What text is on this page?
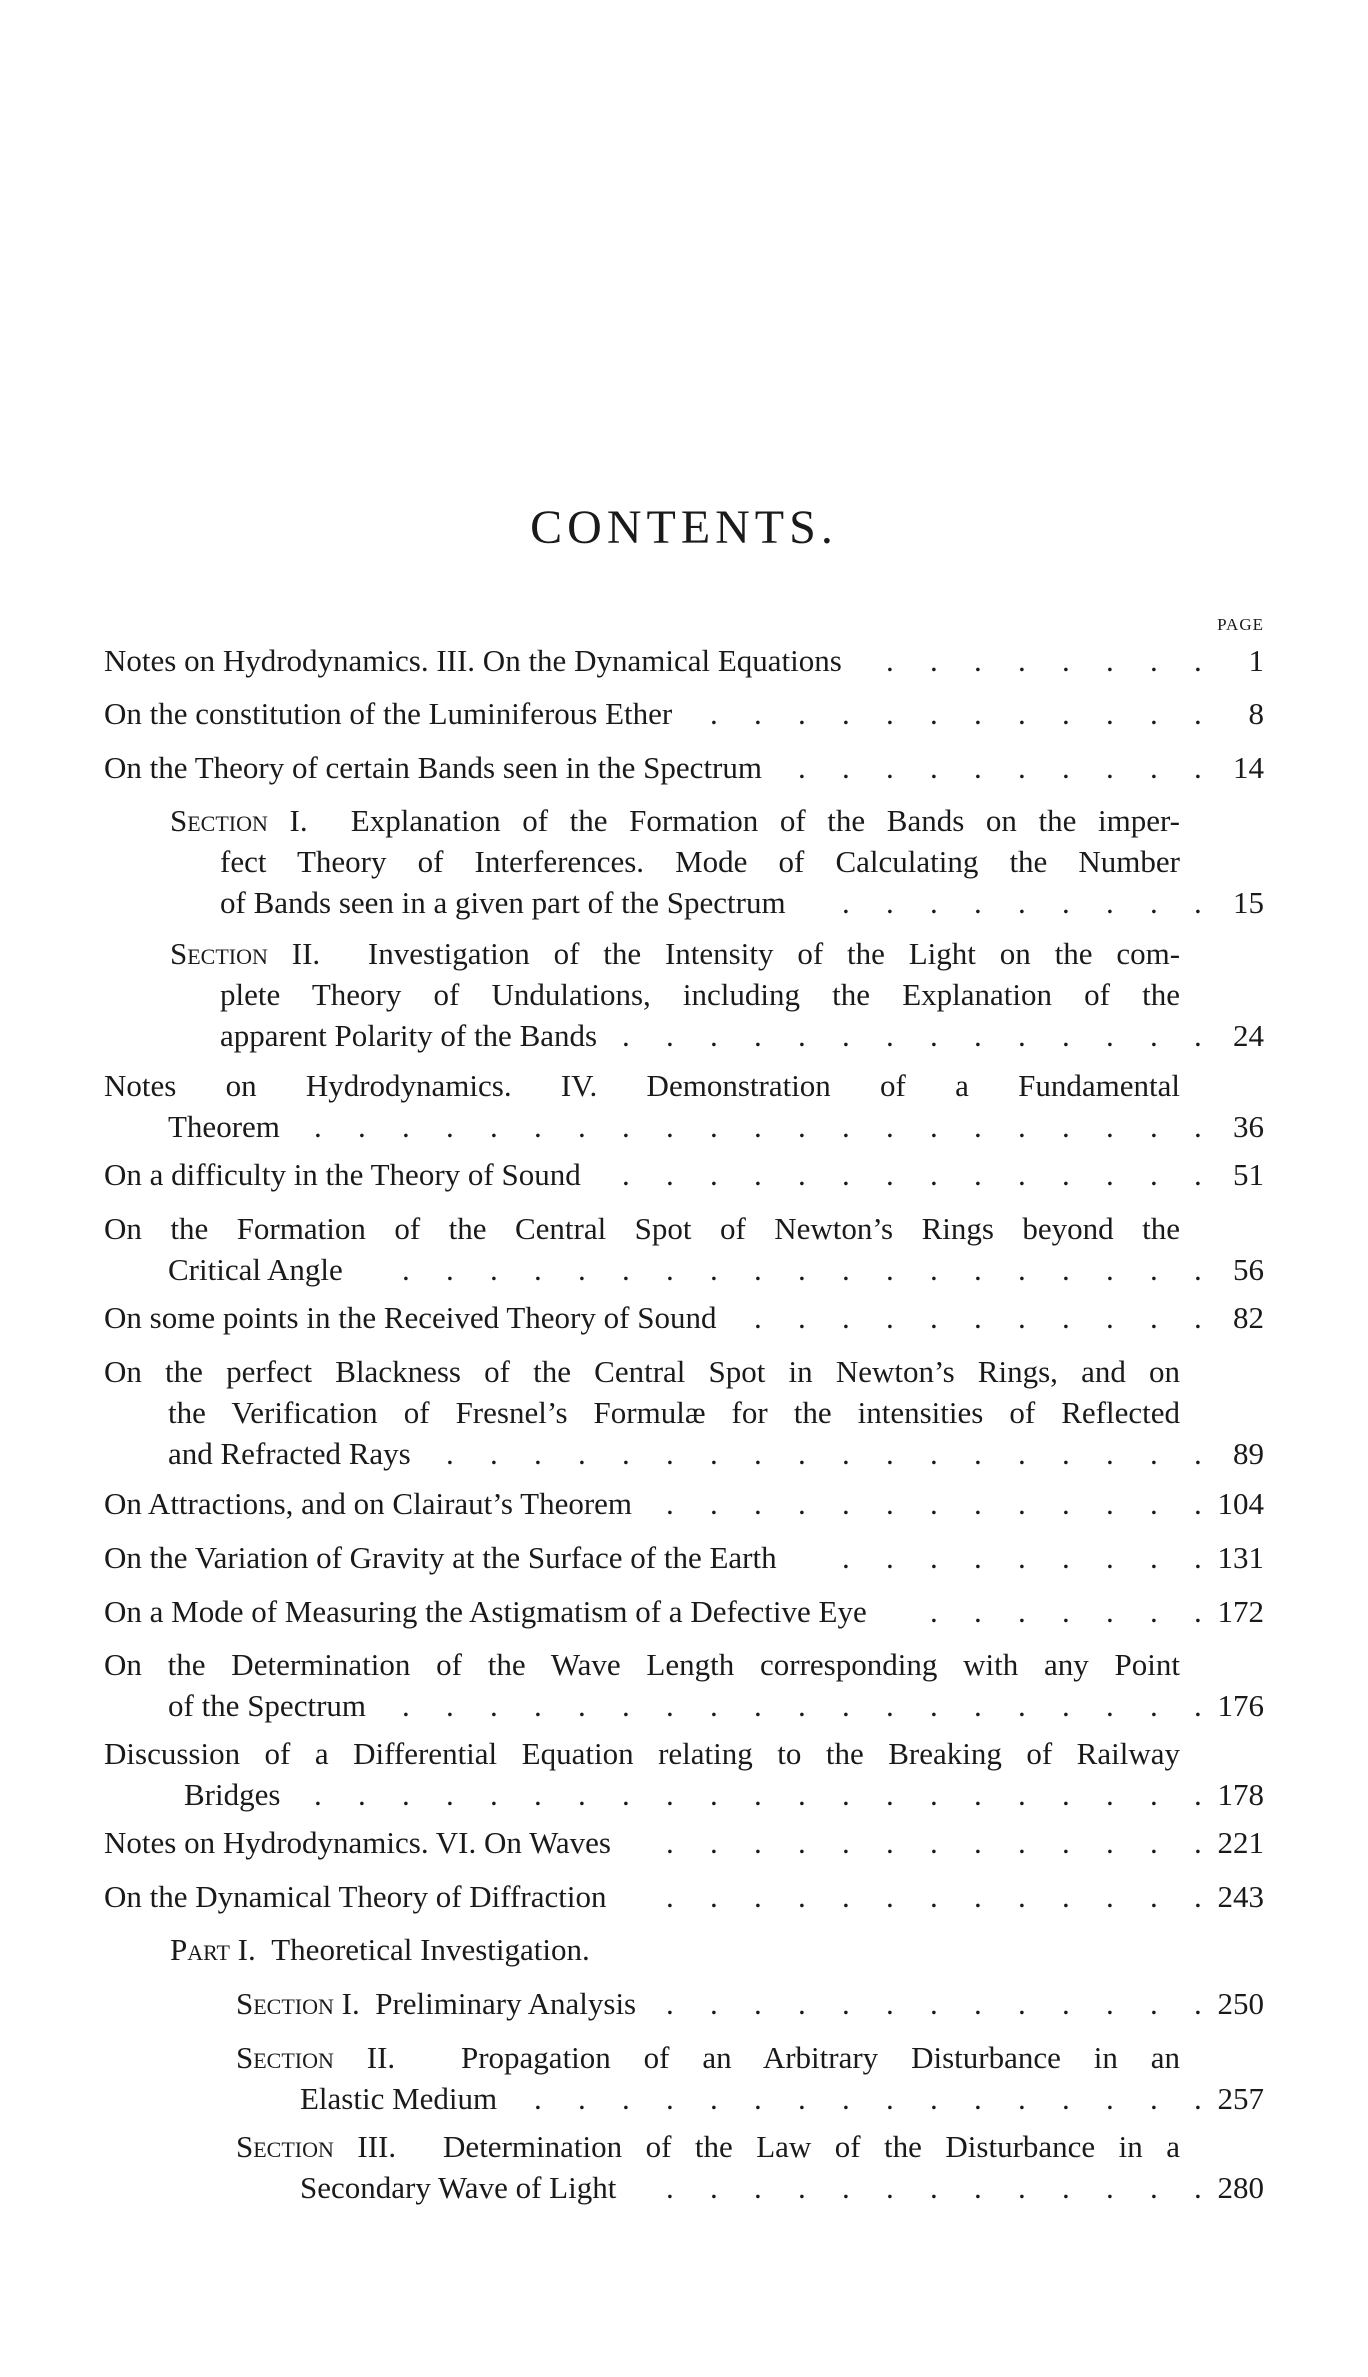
CONTENTS.
PAGE
Notes on Hydrodynamics. III. On the Dynamical Equations	1
. . . . . . . .
On the constitution of the Luminiferous Ether	8
. . . . . . . . . . . .
On the Theory of certain Bands seen in the Spectrum	14
. . . . . . . . . .
Section I. Explanation of the Formation of the Bands on the imper-
fect Theory of Interferences. Mode of Calculating the Number
of Bands seen in a given part of the Spectrum	15
. . . . . . . . .
Section II. Investigation of the Intensity of the Light on the com-
plete Theory of Undulations, including the Explanation of the
apparent Polarity of the Bands	24
. . . . . . . . . . . . . .
Notes on Hydrodynamics. IV. Demonstration of a Fundamental
Theorem	36
. . . . . . . . . . . . . . . . . . . . .
On a difficulty in the Theory of Sound	51
. . . . . . . . . . . . . .
On the Formation of the Central Spot of Newton’s Rings beyond the
Critical Angle	56
. . . . . . . . . . . . . . . . . . .
On some points in the Received Theory of Sound	82
. . . . . . . . . . .
On the perfect Blackness of the Central Spot in Newton’s Rings, and on
the Verification of Fresnel’s Formulæ for the intensities of Reflected
and Refracted Rays	89
. . . . . . . . . . . . . . . . . .
On Attractions, and on Clairaut’s Theorem	104
. . . . . . . . . . . . .
On the Variation of Gravity at the Surface of the Earth	131
. . . . . . . . .
On a Mode of Measuring the Astigmatism of a Defective Eye	172
. . . . . . .
On the Determination of the Wave Length corresponding with any Point
of the Spectrum	176
. . . . . . . . . . . . . . . . . . .
Discussion of a Differential Equation relating to the Breaking of Railway
Bridges	178
. . . . . . . . . . . . . . . . . . . . .
Notes on Hydrodynamics. VI. On Waves	221
. . . . . . . . . . . . .
On the Dynamical Theory of Diffraction	243
. . . . . . . . . . . . .
Part I. Theoretical Investigation.
Section I. Preliminary Analysis	250
. . . . . . . . . . . . .
Section II. Propagation of an Arbitrary Disturbance in an
Elastic Medium	257
. . . . . . . . . . . . . . . .
Section III. Determination of the Law of the Disturbance in a
Secondary Wave of Light	280
. . . . . . . . . . . . .
